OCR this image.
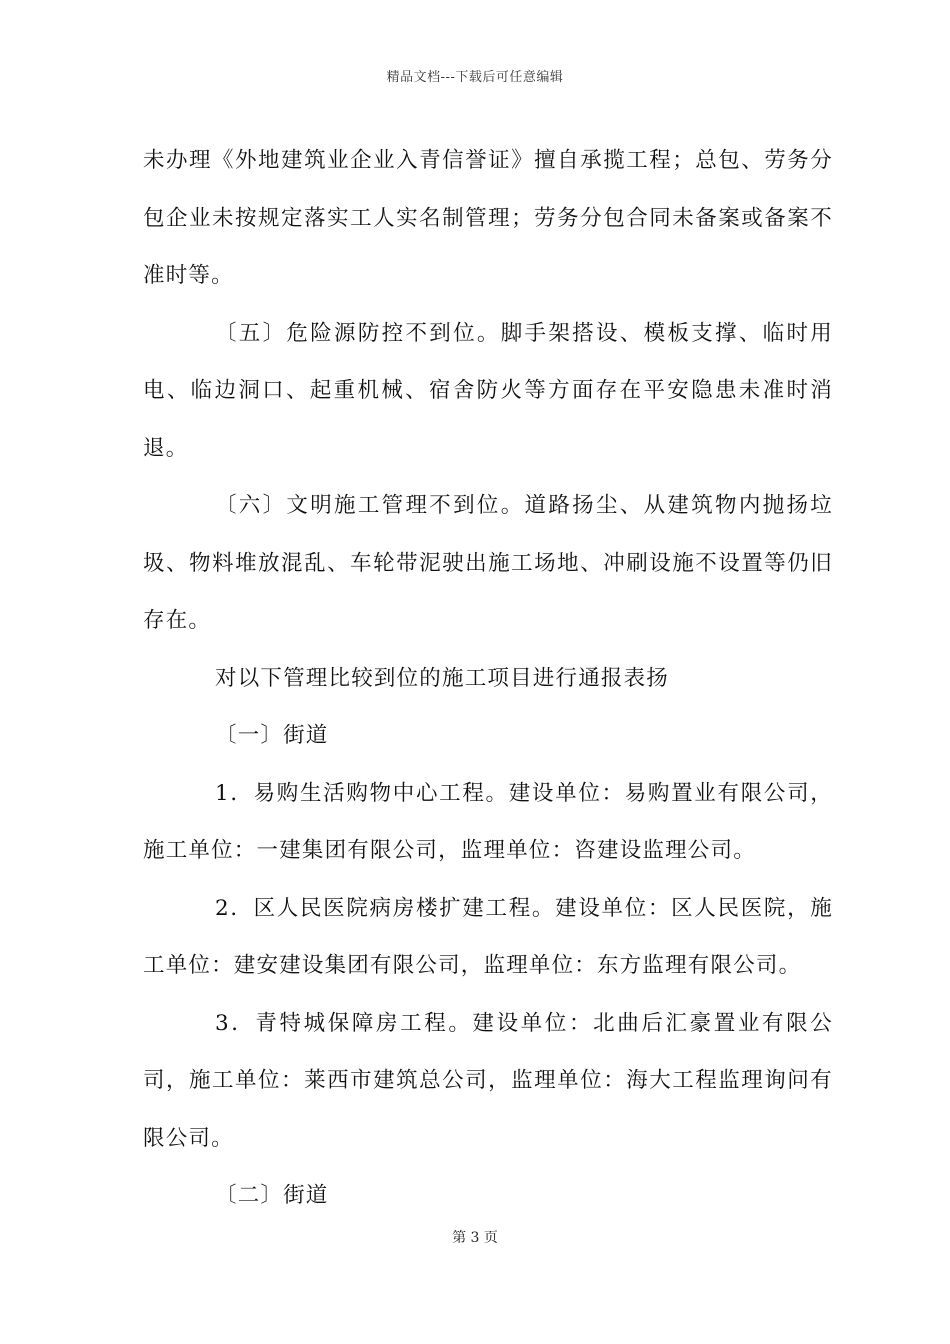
精品文档---下载后可任意编辑

未办理《外地建筑业企业入青信誉证》擅自承揽工程；总包、劳务分包企业未按规定落实工人实名制管理；劳务分包合同未备案或备案不准时等。

〔五〕危险源防控不到位。脚手架搭设、模板支撑、临时用电、临边洞口、起重机械、宿舍防火等方面存在平安隐患未准时消退。

〔六〕文明施工管理不到位。道路扬尘、从建筑物内抛扬垃圾、物料堆放混乱、车轮带泥驶出施工场地、冲刷设施不设置等仍旧存在。

对以下管理比较到位的施工项目进行通报表扬

〔一〕街道

1．易购生活购物中心工程。建设单位：易购置业有限公司，施工单位：一建集团有限公司，监理单位：咨建设监理公司。

2．区人民医院病房楼扩建工程。建设单位：区人民医院，施工单位：建安建设集团有限公司，监理单位：东方监理有限公司。

3．青特城保障房工程。建设单位：北曲后汇豪置业有限公司，施工单位：莱西市建筑总公司，监理单位：海大工程监理询问有限公司。

〔二〕街道

第 3 页
